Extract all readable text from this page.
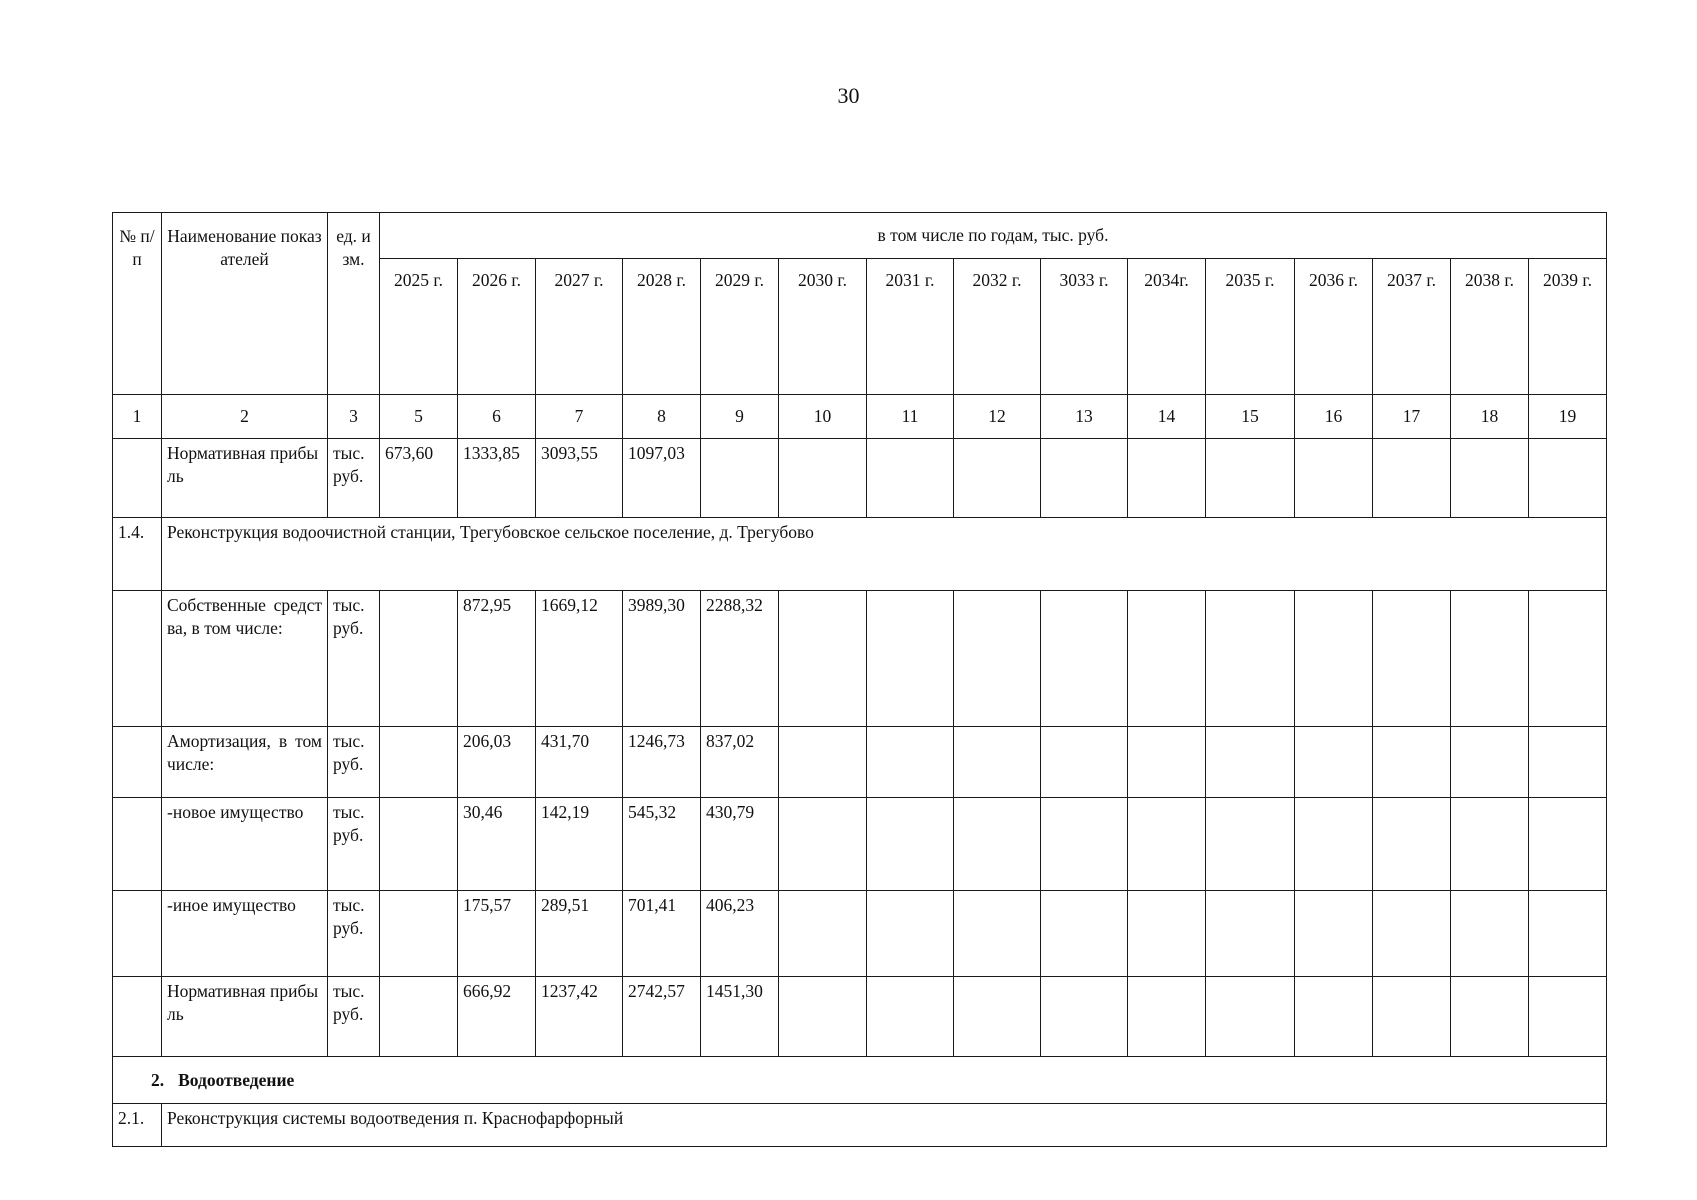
30
№ п/п	Наименование показателей	ед. изм.	в том числе по годам, тыс. руб.														
			2025 г.	2026 г.	2027 г.	2028 г.	2029 г.	2030 г.	2031 г.	2032 г.	3033 г.	2034г.	2035 г.	2036 г.	2037 г.	2038 г.	2039 г.
1	2	3	5	6	7	8	9	10	11	12	13	14	15	16	17	18	19
	Нормативная прибыль	тыс. руб.	673,60	1333,85	3093,55	1097,03											
1.4.	Реконструкция водоочистной станции, Трегубовское сельское поселение, д. Трегубово																
	Собственные средства, в том числе:	тыс. руб.		872,95	1669,12	3989,30	2288,32										
	Амортизация, в том числе:	тыс. руб.		206,03	431,70	1246,73	837,02										
	-новое имущество	тыс. руб.		30,46	142,19	545,32	430,79										
	-иное имущество	тыс. руб.		175,57	289,51	701,41	406,23										
	Нормативная прибыль	тыс. руб.		666,92	1237,42	2742,57	1451,30										
2. Водоотведение																	
2.1.	Реконструкция системы водоотведения п. Краснофарфорный																
